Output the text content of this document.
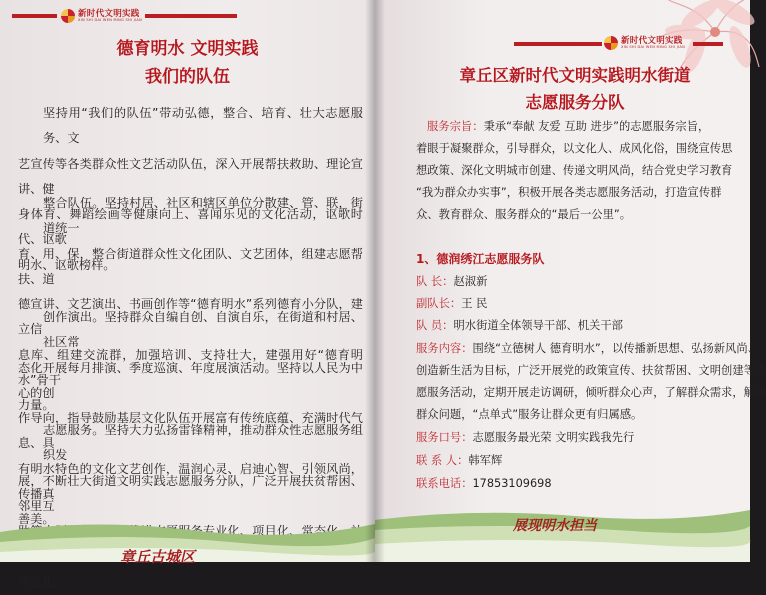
新时代文明实践
XIN SHI DAI WEN MING SHI JIAN
德育明水 文明实践
我们的队伍
坚持用“我们的队伍”带动弘德，整合、培育、壮大志愿服务、文
艺宣传等各类群众性文艺活动队伍，深入开展帮扶救助、理论宣讲、健
身体育、舞蹈绘画等健康向上、喜闻乐见的文化活动，讴歌时代、讴歌
明水、讴歌榜样。
整合队伍。坚持村居、社区和辖区单位分散建、管、联，街道统一
育、用、保，整合街道群众性文化团队、文艺团体，组建志愿帮扶、道
德宣讲、文艺演出、书画创作等“德育明水”系列德育小分队，建立信
息库、组建交流群，加强培训、支持壮大，建强用好“德育明水”骨干
力量。
创作演出。坚持群众自编自创、自演自乐，在街道和村居、社区常
态化开展每月排演、季度巡演、年度展演活动。坚持以人民为中心的创
作导向，指导鼓励基层文化队伍开展富有传统底蕴、充满时代气息、具
有明水特色的文化文艺创作，温润心灵、启迪心智、引领风尚，传播真
善美。
志愿服务。坚持大力弘扬雷锋精神，推动群众性志愿服务组织发
展，不断壮大街道文明实践志愿服务分队，广泛开展扶贫帮困、邻里互
规范化。
章丘古城区
新时代文明实践
XIN SHI DAI WEN MING SHI JIAN
章丘区新时代文明实践明水街道
志愿服务分队
服务宗旨：秉承“奉献 友爱 互助 进步”的志愿服务宗旨，
着眼于凝聚群众，引导群众，以文化人、成风化俗，围绕宣传思
想政策、深化文明城市创建、传递文明风尚，结合党史学习教育
“我为群众办实事”，积极开展各类志愿服务活动，打造宣传群
众、教育群众、服务群众的“最后一公里”。
1、德润绣江志愿服务队
队 长：赵淑新
副队长：王 民
队 员：明水街道全体领导干部、机关干部
服务内容：围绕“立德树人 德育明水”，以传播新思想、弘扬新风尚、
创造新生活为目标，广泛开展党的政策宣传、扶贫帮困、文明创建等志
愿服务活动，定期开展走访调研，倾听群众心声，了解群众需求，解决
群众问题，“点单式”服务让群众更有归属感。
服务口号：志愿服务最光荣 文明实践我先行
联 系 人：韩军辉
联系电话：17853109698
展现明水担当
